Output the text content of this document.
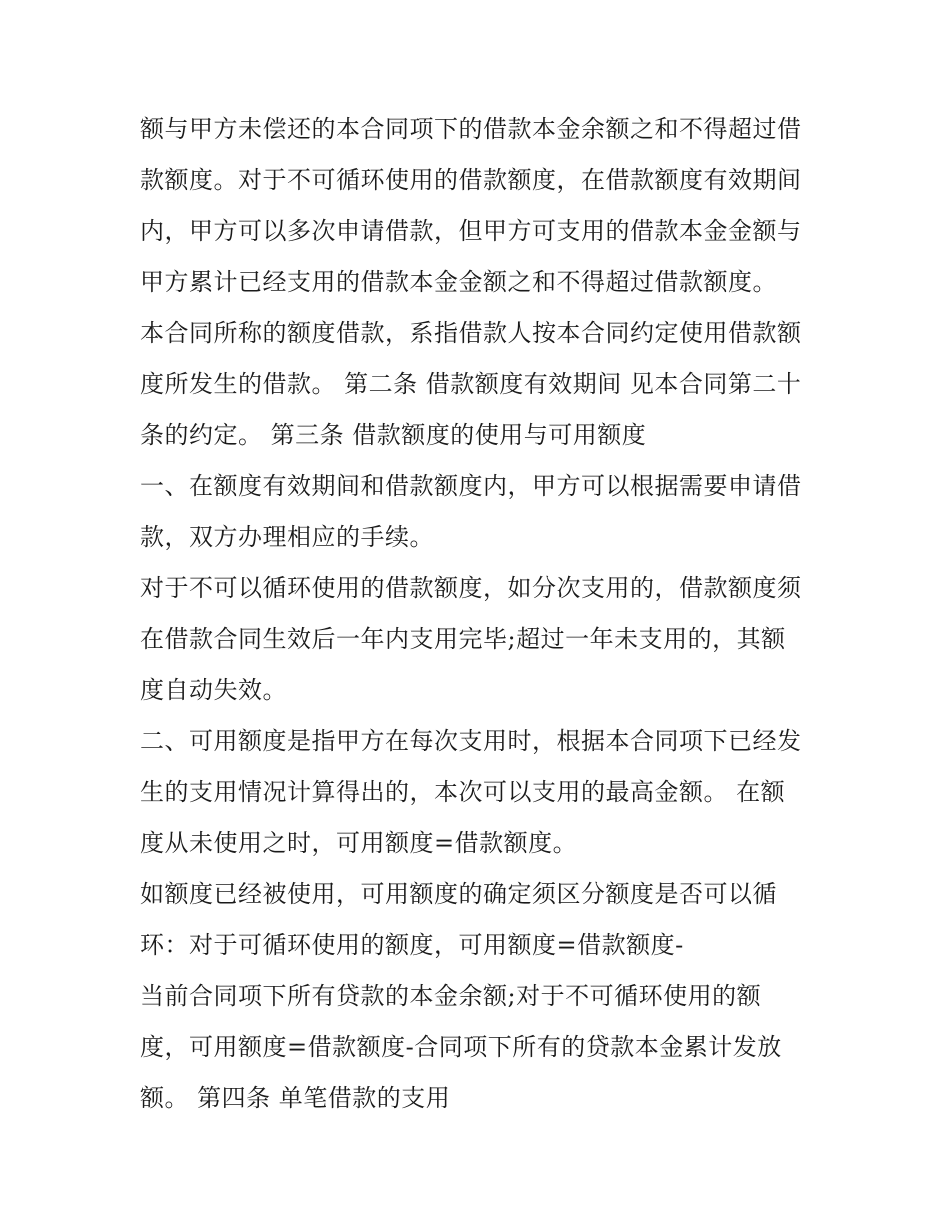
额与甲方未偿还的本合同项下的借款本金余额之和不得超过借
款额度。对于不可循环使用的借款额度，在借款额度有效期间
内，甲方可以多次申请借款，但甲方可支用的借款本金金额与
甲方累计已经支用的借款本金金额之和不得超过借款额度。
本合同所称的额度借款，系指借款人按本合同约定使用借款额
度所发生的借款。 第二条 借款额度有效期间 见本合同第二十
条的约定。 第三条 借款额度的使用与可用额度
一、在额度有效期间和借款额度内，甲方可以根据需要申请借
款，双方办理相应的手续。
对于不可以循环使用的借款额度，如分次支用的，借款额度须
在借款合同生效后一年内支用完毕;超过一年未支用的，其额
度自动失效。
二、可用额度是指甲方在每次支用时，根据本合同项下已经发
生的支用情况计算得出的，本次可以支用的最高金额。 在额
度从未使用之时，可用额度=借款额度。
如额度已经被使用，可用额度的确定须区分额度是否可以循
环：对于可循环使用的额度，可用额度=借款额度-
当前合同项下所有贷款的本金余额;对于不可循环使用的额
度，可用额度=借款额度-合同项下所有的贷款本金累计发放
额。 第四条 单笔借款的支用
